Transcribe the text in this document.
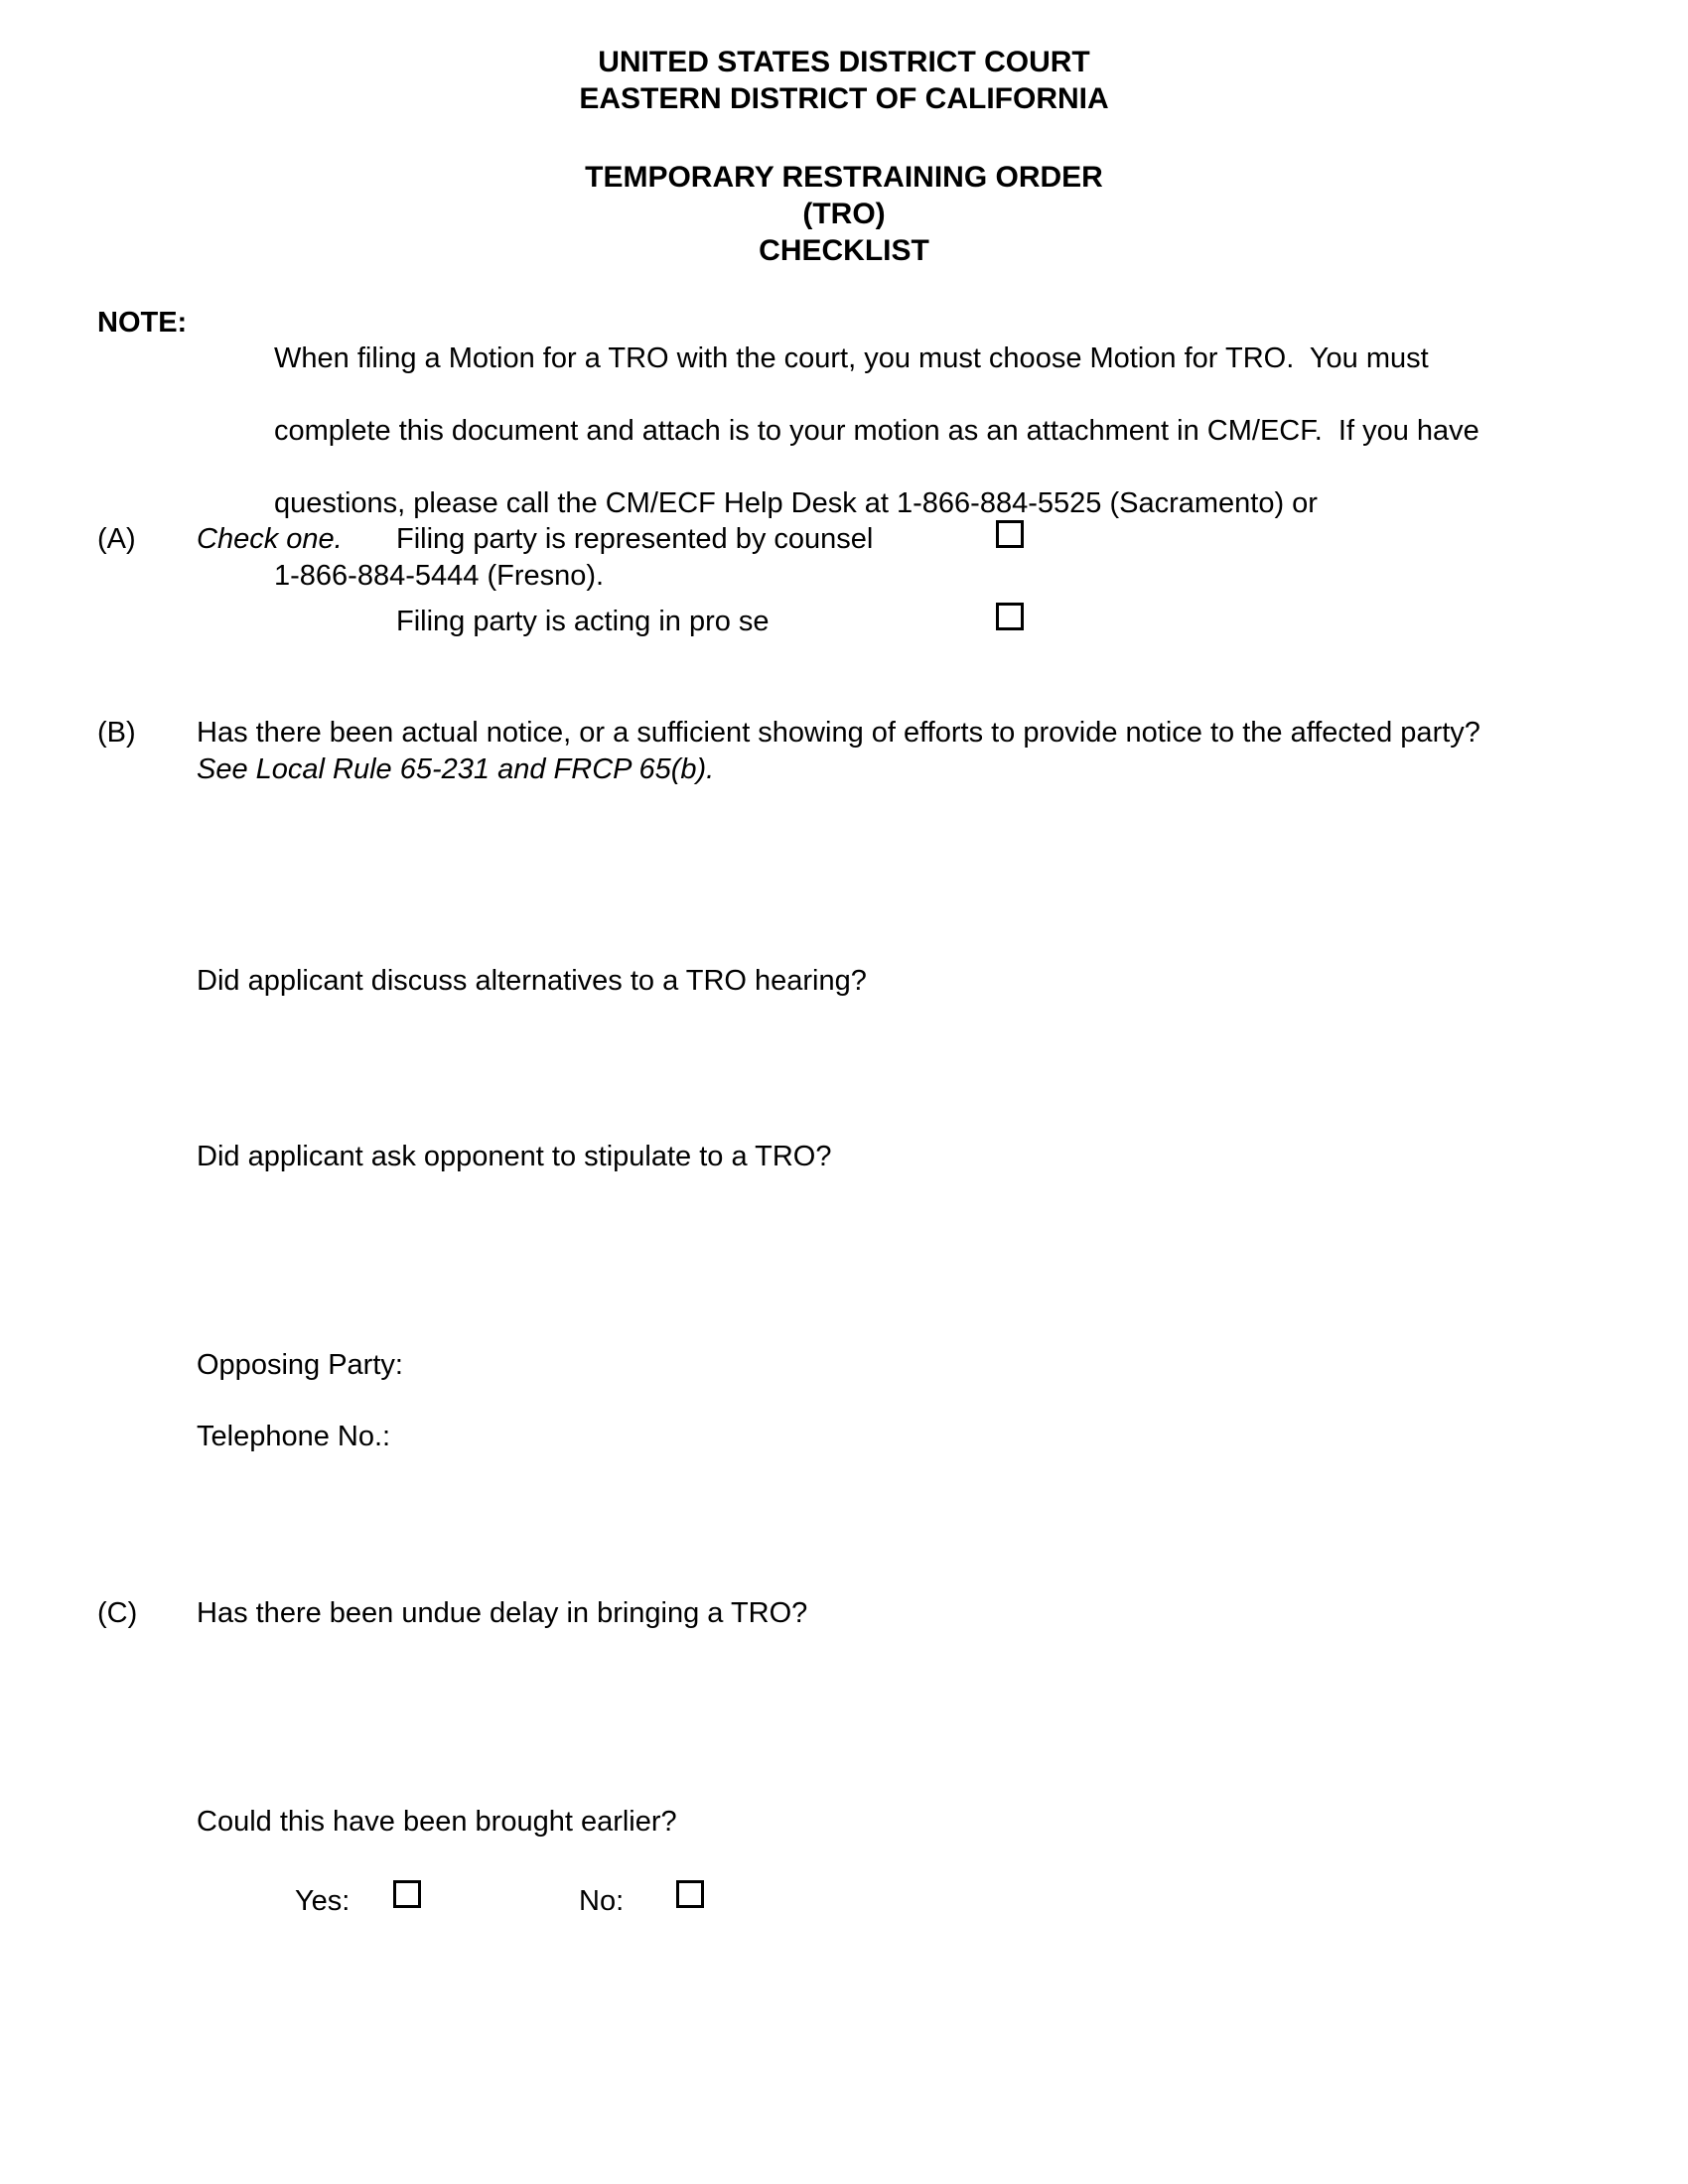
UNITED STATES DISTRICT COURT
EASTERN DISTRICT OF CALIFORNIA
TEMPORARY RESTRAINING ORDER
(TRO)
CHECKLIST
NOTE:

When filing a Motion for a TRO with the court, you must choose Motion for TRO.  You must

complete this document and attach is to your motion as an attachment in CM/ECF.  If you have

questions, please call the CM/ECF Help Desk at 1-866-884-5525 (Sacramento) or

1-866-884-5444 (Fresno).

(A) Check one. Filing party is represented by counsel
Filing party is acting in pro se
(B) Has there been actual notice, or a sufficient showing of efforts to provide notice to the affected party?
See Local Rule 65-231 and FRCP 65(b).
Did applicant discuss alternatives to a TRO hearing?
Did applicant ask opponent to stipulate to a TRO?
Opposing Party:
Telephone No.:
(C) Has there been undue delay in bringing a TRO?
Could this have been brought earlier?
Yes:	No:
